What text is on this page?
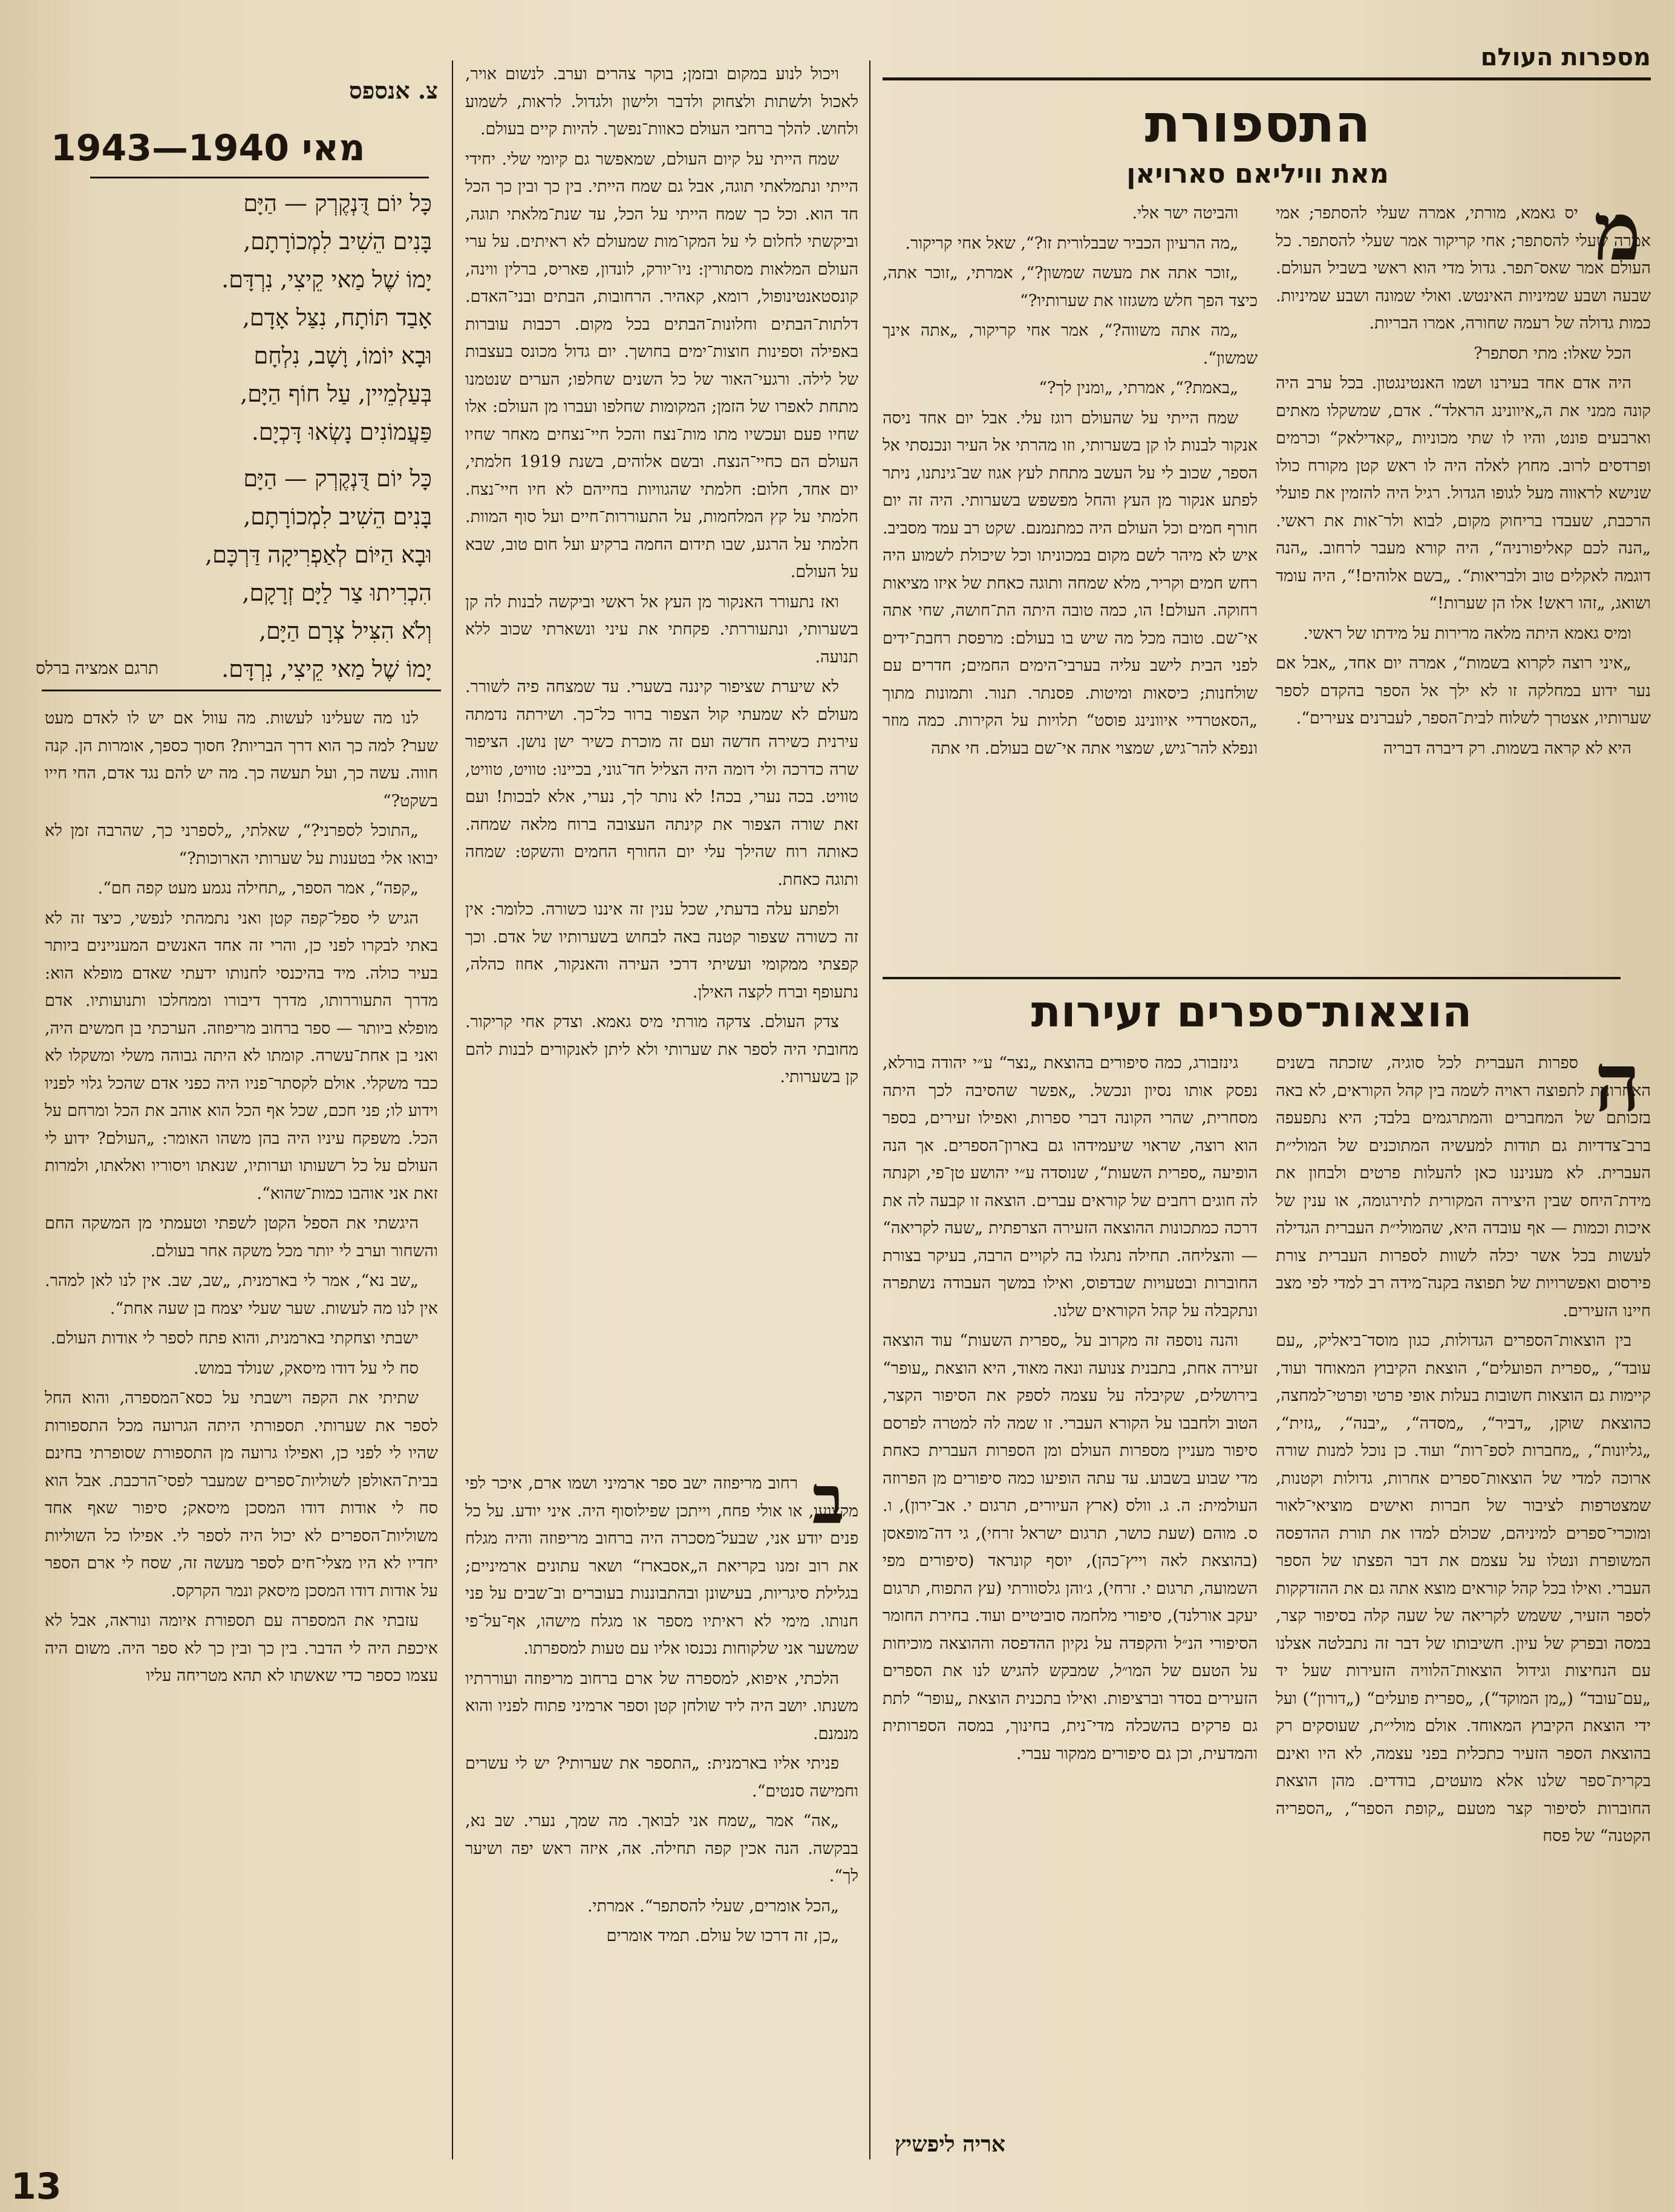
מספרות העולם
התספורת
מאת וויליאם סארויאן
מ

יס גאמא, מורתי, אמרה שעלי להסתפר; אמי אמרה שעלי להסתפר; אחי קריקור אמר שעלי להסתפר. כל העולם אמר שאס־תפר. גדול מדי הוא ראשי בשביל העולם. שבעה ושבע שמיניות האינטש. ואולי שמונה ושבע שמיניות. כמות גדולה של רעמה שחורה, אמרו הבריות.

הכל שאלו: מתי תסתפר?

היה אדם אחד בעירנו ושמו האנטינגטון. בכל ערב היה קונה ממני את ה„איוונינג הראלד“. אדם, שמשקלו מאתים וארבעים פונט, והיו לו שתי מכוניות „קאדילאק“ וכרמים ופרדסים לרוב. מחוץ לאלה היה לו ראש קטן מקורח כולו שנישא לראווה מעל לגופו הגדול. רגיל היה להזמין את פועלי הרכבת, שעבדו בריחוק מקום, לבוא ולר־אות את ראשי. „הנה לכם קאליפורניה“, היה קורא מעבר לרחוב. „הנה דוגמה לאקלים טוב ולבריאות“. „בשם אלוהים!“, היה עומד ושואג, „זהו ראש! אלו הן שערות!“

ומיס גאמא היתה מלאה מרירות על מידתו של ראשי.

„איני רוצה לקרוא בשמות“, אמרה יום אחד, „אבל אם נער ידוע במחלקה זו לא ילך אל הספר בהקדם לספר שערותיו, אצטרך לשלוח לבית־הספר, לעברנים צעירים“.

היא לא קראה בשמות. רק דיברה דבריה

והביטה ישר אלי.

„מה הרעיון הכביר שבבלורית זו?“, שאל אחי קריקור.

„זוכר אתה את מעשה שמשון?“, אמרתי, „זוכר אתה, כיצד הפך חלש משגזזו את שערותיו?“

„מה אתה משווה?“, אמר אחי קריקור, „אתה אינך שמשון“.

„באמת?“, אמרתי, „ומנין לך?“

שמח הייתי על שהעולם רוגז עלי. אבל יום אחד ניסה אנקור לבנות לו קן בשערותי, וזו מהרתי אל העיר ונכנסתי אל הספר, שכוב לי על העשב מתחת לעץ אגוז שב־גינתנו, ניתר לפתע אנקור מן העץ והחל מפשפש בשערותי. היה זה יום חורף חמים וכל העולם היה כמתנמנם. שקט רב עמד מסביב. איש לא מיהר לשם מקום במכוניתו וכל שיכולת לשמוע היה רחש חמים וקריר, מלא שמחה ותוגה כאחת של איזו מציאות רחוקה. העולם! הו, כמה טובה היתה הת־חושה, שחי אתה אי־שם. טובה מכל מה שיש בו בעולם: מרפסת רחבת־ידים לפני הבית לישב עליה בערבי־הימים החמים; חדרים עם שולחנות; כיסאות ומיטות. פסנתר. תנור. ותמונות מתוך „הסאטרדיי איוונינג פוסט“ תלויות על הקירות. כמה מוזר ונפלא להר־גיש, שמצוי אתה אי־שם בעולם. חי אתה

ויכול לנוע במקום ובזמן; בוקר צהרים וערב. לנשום אויר, לאכול ולשתות ולצחוק ולדבר ולישון ולגדול. לראות, לשמוע ולחוש. להלך ברחבי העולם כאוות־נפשך. להיות קיים בעולם.

שמח הייתי על קיום העולם, שמאפשר גם קיומי שלי. יחידי הייתי ונתמלאתי תוגה, אבל גם שמח הייתי. בין כך ובין כך הכל חד הוא. וכל כך שמח הייתי על הכל, עד שנת־מלאתי תוגה, וביקשתי לחלום לי על המקו־מות שמעולם לא ראיתים. על ערי העולם המלאות מסתורין: ניו־יורק, לונדון, פאריס, ברלין ווינה, קונסטאנטינופול, רומא, קאהיר. הרחובות, הבתים ובני־האדם. דלתות־הבתים וחלונות־הבתים בכל מקום. רכבות עוברות באפילה וספינות חוצות־ימים בחושך. יום גדול מכונס בעצבות של לילה. ורגעי־האור של כל השנים שחלפו; הערים שנטמנו מתחת לאפרו של הזמן; המקומות שחלפו ועברו מן העולם: אלו שחיו פעם ועכשיו מתו מות־נצח והכל חיי־נצחים מאחר שחיו העולם הם כחיי־הנצח. ובשם אלוהים, בשנת 1919 חלמתי, יום אחד, חלום: חלמתי שהגוויות בחייהם לא חיו חיי־נצח. חלמתי על קץ המלחמות, על התעוררות־חיים ועל סוף המוות. חלמתי על הרגע, שבו תידום החמה ברקיע ועל חום טוב, שבא על העולם.

ואז נתעורר האנקור מן העץ אל ראשי וביקשה לבנות לה קן בשערותי, ונתעוררתי. פקחתי את עיני ונשארתי שכוב ללא תנועה.

לא שיערת שציפור קיננה בשערי. עד שמצחה פיה לשורר. מעולם לא שמעתי קול הצפור ברור כל־כך. ושירתה נדמתה עירנית כשירה חדשה ועם זה מוכרת כשיר ישן נושן. הציפור שרה כדרכה ולי דומה היה הצליל חד־גוני, בכיינו: טוויט, טוויט, טוויט. בכה נערי, בכה! לא נותר לך, נערי, אלא לבכות! ועם זאת שורה הצפור את קינתה העצובה ברוח מלאה שמחה. כאותה רוח שהילך עלי יום החורף החמים והשקט: שמחה ותוגה כאחת.

ולפתע עלה בדעתי, שכל ענין זה איננו כשורה. כלומר: אין זה כשורה שצפור קטנה באה לבחוש בשערותיו של אדם. וכך קפצתי ממקומי ועשיתי דרכי העירה והאנקור, אחוז כהלה, נתעופף וברח לקצה האילן.

צדק העולם. צדקה מורתי מיס גאמא. וצדק אחי קריקור. מחובתי היה לספר את שערותי ולא ליתן לאנקורים לבנות להם קן בשערותי.

ב

רחוב מריפוזה ישב ספר ארמיני ושמו ארם, איכר לפי מקצועו, או אולי פחח, וייתכן שפילוסוף היה. איני יודע. על כל פנים יודע אני, שבעל־מסכרה היה ברחוב מריפוזה והיה מגלח את רוב זמנו בקריאת ה„אסבארז“ ושאר עתונים ארמיניים; בגלילת סיגריות, בעישונן ובהתבוננות בעוברים וב־שבים על פני חנותו. מימי לא ראיתיו מספר או מגלח מישהו, אף־על־פי שמשער אני שלקוחות נכנסו אליו עם טעות למספרתו.

הלכתי, איפוא, למספרה של ארם ברחוב מריפוזה ועוררתיו משנתו. יושב היה ליד שולחן קטן וספר ארמיני פתוח לפניו והוא מנמנם.

פניתי אליו בארמנית: „התספר את שערותי? יש לי עשרים וחמישה סנטים“.

„אה“ אמר „שמח אני לבואך. מה שמך, נערי. שב נא, בבקשה. הנה אכין קפה תחילה. אה, איזה ראש יפה ושיער לך“.

„הכל אומרים, שעלי להסתפר“. אמרתי.

„כן, זה דרכו של עולם. תמיד אומרים

צ. אנספס
מאי 1940—1943
כָּל יוֹם דֻּנְקֶרְק — הַיָּם
בָּנִים הֵשִׁיב לִמְכוֹרָתָם,
יָמוֹ שֶׁל מַאי קֵיצִי, נִרְדָּם.
אָבַד תּוֹתָח, נִצַּל אָדָם,
וּבָא יוֹמוֹ, וָשָׁב, נִלְחָם
בְּעַלְמֵיין, עַל חוֹף הַיָּם,
פַּעֲמוֹנִים נָשְׂאוּ דָּכְיָם.
כָּל יוֹם דֻּנְקֶרְק — הַיָּם
בָּנִים הֵשִׁיב לִמְכוֹרָתָם,
וּבָא הַיּוֹם לְאַפְרִיקָה דַּרְכָּם,
הִכְרִיתוּ צַר לַיָּם זְרָקָם,
וְלֹא הִצִּיל צְרָם הַיָּם,
יָמוֹ שֶׁל מַאי קֵיצִי, נִרְדָּם.
תרגם אמציה ברלס

לנו מה שעלינו לעשות. מה עוול אם יש לו לאדם מעט שער? למה כך הוא דרך הבריות? חסוך כספך, אומרות הן. קנה חווה. עשה כך, ועל תעשה כך. מה יש להם נגד אדם, החי חייו בשקט?“

„התוכל לספרני?“, שאלתי, „לספרני כך, שהרבה זמן לא יבואו אלי בטענות על שערותי הארוכות?“

„קפה“, אמר הספר, „תחילה נגמע מעט קפה חם“.

הגיש לי ספל־קפה קטן ואני נתמהתי לנפשי, כיצד זה לא באתי לבקרו לפני כן, והרי זה אחד האנשים המעניינים ביותר בעיר כולה. מיד בהיכנסי לחנותו ידעתי שאדם מופלא הוא: מדרך התעוררותו, מדרך דיבורו וממחלכו ותנועותיו. אדם מופלא ביותר — ספר ברחוב מריפוזה. הערכתי בן חמשים היה, ואני בן אחת־עשרה. קומתו לא היתה גבוהה משלי ומשקלו לא כבד משקלי. אולם לקסתר־פניו היה כפני אדם שהכל גלוי לפניו וידוע לו; פני חכם, שכל אף הכל הוא אוהב את הכל ומרחם על הכל. משפקח עיניו היה בהן משהו האומר: „העולם? ידוע לי העולם על כל רשעותו וערותיו, שנאתו ויסוריו ואלאתו, ולמרות זאת אני אוהבו כמות־שהוא“.

היגשתי את הספל הקטן לשפתי וטעמתי מן המשקה החם והשחור וערב לי יותר מכל משקה אחר בעולם.

„שב נא“, אמר לי בארמנית, „שב, שב. אין לנו לאן למהר. אין לנו מה לעשות. שער שעלי יצמח בן שעה אחת“.

ישבתי וצחקתי בארמנית, והוא פתח לספר לי אודות העולם.

סח לי על דודו מיסאק, שנולד במוש.

שתיתי את הקפה וישבתי על כסא־המספרה, והוא החל לספר את שערותי. תספורתי היתה הגרועה מכל התספורות שהיו לי לפני כן, ואפילו גרועה מן התספורת שסופרתי בחינם בבית־האולפן לשוליות־ספרים שמעבר לפסי־הרכבת. אבל הוא סח לי אודות דודו המסכן מיסאק; סיפור שאף אחד משוליות־הספרים לא יכול היה לספר לי. אפילו כל השוליות יחדיו לא היו מצלי־חים לספר מעשה זה, שסח לי ארם הספר על אודות דודו המסכן מיסאק ונמר הקרקס.

עזבתי את המספרה עם תספורת איומה ונוראה, אבל לא איכפת היה לי הדבר. בין כך ובין כך לא ספר היה. משום היה עצמו כספר כדי שאשתו לא תהא מטריחה עליו

הוצאות־ספרים זעירות
ה

ספרות העברית לכל סוגיה, שזכתה בשנים האחרונות לתפוצה ראויה לשמה בין קהל הקוראים, לא באה בזכותם של המחברים והמתרגמים בלבד; היא נתפעפה ברב־צדדיות גם תודות למעשיה המתוכנים של המולי״ת העברית. לא מעניננו כאן להעלות פרטים ולבחון את מידת־היחס שבין היצירה המקורית לתירגומה, או ענין של איכות וכמות — אף עובדה היא, שהמולי״ת העברית הגדילה לעשות בכל אשר יכלה לשוות לספרות העברית צורת פירסום ואפשרויות של תפוצה בקנה־מידה רב למדי לפי מצב חיינו הזעירים.

בין הוצאות־הספרים הגדולות, כגון מוסד־ביאליק, „עם עובד“, „ספרית הפועלים“, הוצאת הקיבוץ המאוחד ועוד, קיימות גם הוצאות חשובות בעלות אופי פרטי ופרטי־למחצה, כהוצאת שוקן, „דביר“, „מסדה“, „יבנה“, „גזית“, „גליונות“, „מחברות לספ־רות“ ועוד. כן נוכל למנות שורה ארוכה למדי של הוצאות־ספרים אחרות, גדולות וקטנות, שמצטרפות לציבור של חברות ואישים מוציאי־לאור ומוכרי־ספרים למיניהם, שכולם למדו את תורת ההדפסה המשופרת ונטלו על עצמם את דבר הפצתו של הספר העברי. ואילו בכל קהל קוראים מוצא אתה גם את ההזדקקות לספר הזעיר, ששמש לקריאה של שעה קלה בסיפור קצר, במסה ובפרק של עיון. חשיבותו של דבר זה נתבלטה אצלנו עם הנחיצות וגידול הוצאות־הלוויה הזעירות שעל יד „עם־עובד“ („מן המוקד“), „ספרית פועלים“ („דורון“) ועל ידי הוצאת הקיבוץ המאוחד. אולם מולי״ת, שעוסקים רק בהוצאת הספר הזעיר כתכלית בפני עצמה, לא היו ואינם בקרית־ספר שלנו אלא מועטים, בודדים. מהן הוצאת החוברות לסיפור קצר מטעם „קופת הספר“, „הספריה הקטנה“ של פסח

גינזבורג, כמה סיפורים בהוצאת „נצר“ ע״י יהודה בורלא, נפסק אותו נסיון ונכשל. „אפשר שהסיבה לכך היתה מסחרית, שהרי הקונה דברי ספרות, ואפילו זעירים, בספר הוא רוצה, שראוי שיעמידהו גם בארון־הספרים. אך הנה הופיעה „ספרית השעות“, שנוסדה ע״י יהושע טן־פי, וקנתה לה חוגים רחבים של קוראים עברים. הוצאה זו קבעה לה את דרכה כמתכונות ההוצאה הזעירה הצרפתית „שעה לקריאה“ — והצליחה. תחילה נתגלו בה לקויים הרבה, בעיקר בצורת החוברות ובטעויות שבדפוס, ואילו במשך העבודה נשתפרה ונתקבלה על קהל הקוראים שלנו.

והנה נוספה זה מקרוב על „ספרית השעות“ עוד הוצאה זעירה אחת, בתבנית צנועה ונאה מאוד, היא הוצאת „עופר“ בירושלים, שקיבלה על עצמה לספק את הסיפור הקצר, הטוב ולחבבו על הקורא העברי. זו שמה לה למטרה לפרסם סיפור מעניין מספרות העולם ומן הספרות העברית כאחת מדי שבוע בשבוע. עד עתה הופיעו כמה סיפורים מן הפרוזה העולמית: ה. ג. וולס (ארץ העיורים, תרגום י. אב־ירון), ו. ס. מוהם (שעת כושר, תרגום ישראל זרחי), גי דה־מופאסן (בהוצאת לאה וייץ־כהן), יוסף קונראד (סיפורים מפי השמועה, תרגום י. זרחי), ג׳והן גלסוורתי (עץ התפוח, תרגום יעקב אורלנד), סיפורי מלחמה סוביטיים ועוד. בחירת החומר הסיפורי הנ״ל והקפדה על נקיון ההדפסה וההוצאה מוכיחות על הטעם של המו״ל, שמבקש להגיש לנו את הספרים הזעירים בסדר וברציפות. ואילו בתכנית הוצאת „עופר“ לתת גם פרקים בהשכלה מדי־נית, בחינוך, במסה הספרותית והמדעית, וכן גם סיפורים ממקור עברי.

אריה ליפשיץ
13
